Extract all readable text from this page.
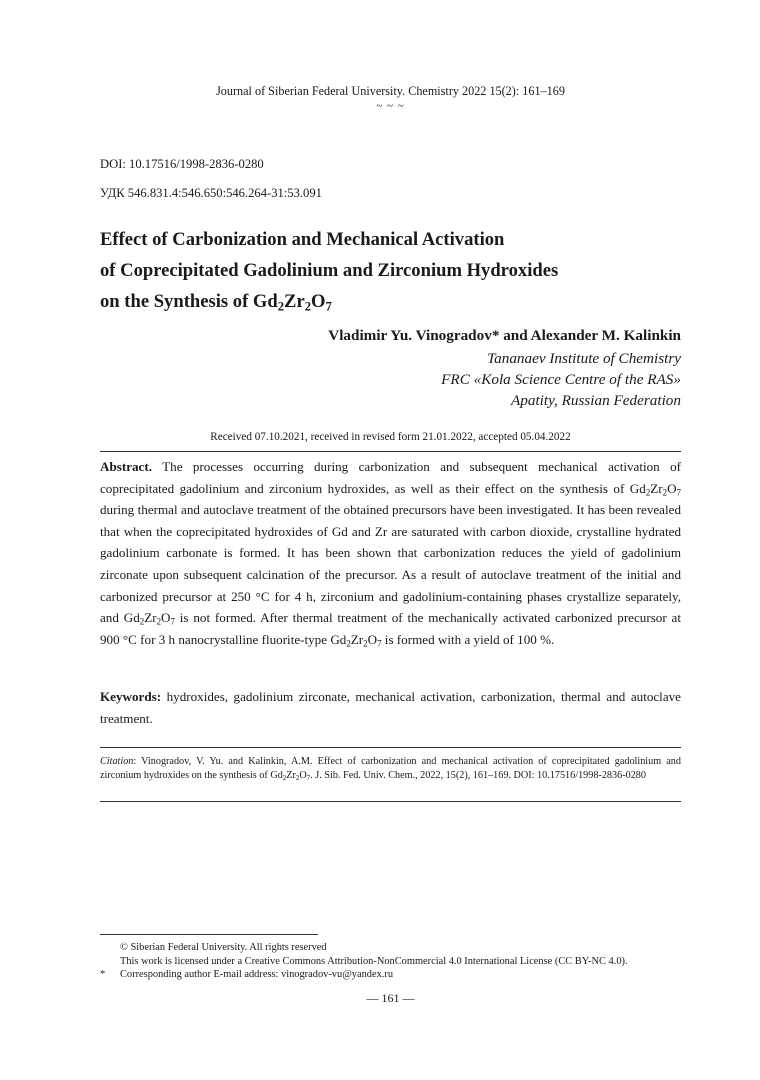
Journal of Siberian Federal University. Chemistry 2022 15(2): 161–169
~ ~ ~
DOI: 10.17516/1998-2836-0280
УДК 546.831.4:546.650:546.264-31:53.091
Effect of Carbonization and Mechanical Activation
of Coprecipitated Gadolinium and Zirconium Hydroxides
on the Synthesis of $Gd_2Zr_2O_7$
Vladimir Yu. Vinogradov* and Alexander M. Kalinkin
Tananaev Institute of Chemistry
FRC «Kola Science Centre of the RAS»
Apatity, Russian Federation
Received 07.10.2021, received in revised form 21.01.2022, accepted 05.04.2022
Abstract. The processes occurring during carbonization and subsequent mechanical activation of coprecipitated gadolinium and zirconium hydroxides, as well as their effect on the synthesis of $Gd_2Zr_2O_7$ during thermal and autoclave treatment of the obtained precursors have been investigated. It has been revealed that when the coprecipitated hydroxides of Gd and Zr are saturated with carbon dioxide, crystalline hydrated gadolinium carbonate is formed. It has been shown that carbonization reduces the yield of gadolinium zirconate upon subsequent calcination of the precursor. As a result of autoclave treatment of the initial and carbonized precursor at 250 °C for 4 h, zirconium and gadolinium-containing phases crystallize separately, and $Gd_2Zr_2O_7$ is not formed. After thermal treatment of the mechanically activated carbonized precursor at 900 °C for 3 h nanocrystalline fluorite-type $Gd_2Zr_2O_7$ is formed with a yield of 100 %.
Keywords: hydroxides, gadolinium zirconate, mechanical activation, carbonization, thermal and autoclave treatment.
Citation: Vinogradov, V. Yu. and Kalinkin, A.M. Effect of carbonization and mechanical activation of coprecipitated gadolinium and zirconium hydroxides on the synthesis of $Gd_2Zr_2O_7$. J. Sib. Fed. Univ. Chem., 2022, 15(2), 161–169. DOI: 10.17516/1998-2836-0280
© Siberian Federal University. All rights reserved
This work is licensed under a Creative Commons Attribution-NonCommercial 4.0 International License (CC BY-NC 4.0).
* Corresponding author E-mail address: vinogradov-vu@yandex.ru
— 161 —
